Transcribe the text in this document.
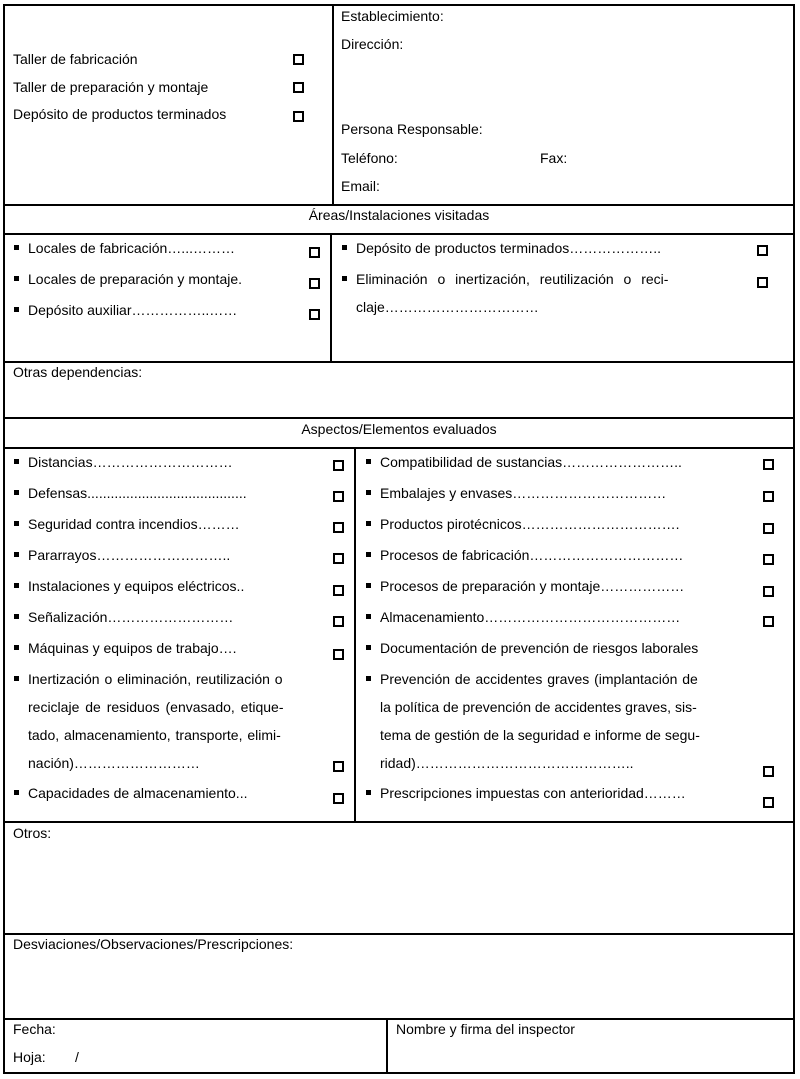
Taller de fabricación
Taller de preparación y montaje
Depósito de productos terminados
Establecimiento:
Dirección:
Persona Responsable:
Teléfono:	Fax:
Email:
Áreas/Instalaciones visitadas
Locales de fabricación…...………
Locales de preparación y montaje.
Depósito auxiliar……………..……
Depósito de productos terminados………………..
Eliminación o inertización, reutilización o reci-
claje……………………………
Otras dependencias:
Aspectos/Elementos evaluados
Distancias…………………………
Defensas.........................................
Seguridad contra incendios………
Pararrayos………………………..
Instalaciones y equipos eléctricos..
Señalización………………………
Máquinas y equipos de trabajo….
Inertización o eliminación, reutilización o
reciclaje de residuos (envasado, etique-
tado, almacenamiento, transporte, elimi-
nación)………………………
Capacidades de almacenamiento...
Compatibilidad de sustancias……………………..
Embalajes y envases……………………………
Productos pirotécnicos…………………………….
Procesos de fabricación……………………………
Procesos de preparación y montaje………………
Almacenamiento……………………………………
Documentación de prevención de riesgos laborales
Prevención de accidentes graves (implantación de
la política de prevención de accidentes graves, sis-
tema de gestión de la seguridad e informe de segu-
ridad)………………………………………..
Prescripciones impuestas con anterioridad………
Otros:
Desviaciones/Observaciones/Prescripciones:
Fecha:
Hoja: /
Nombre y firma del inspector
